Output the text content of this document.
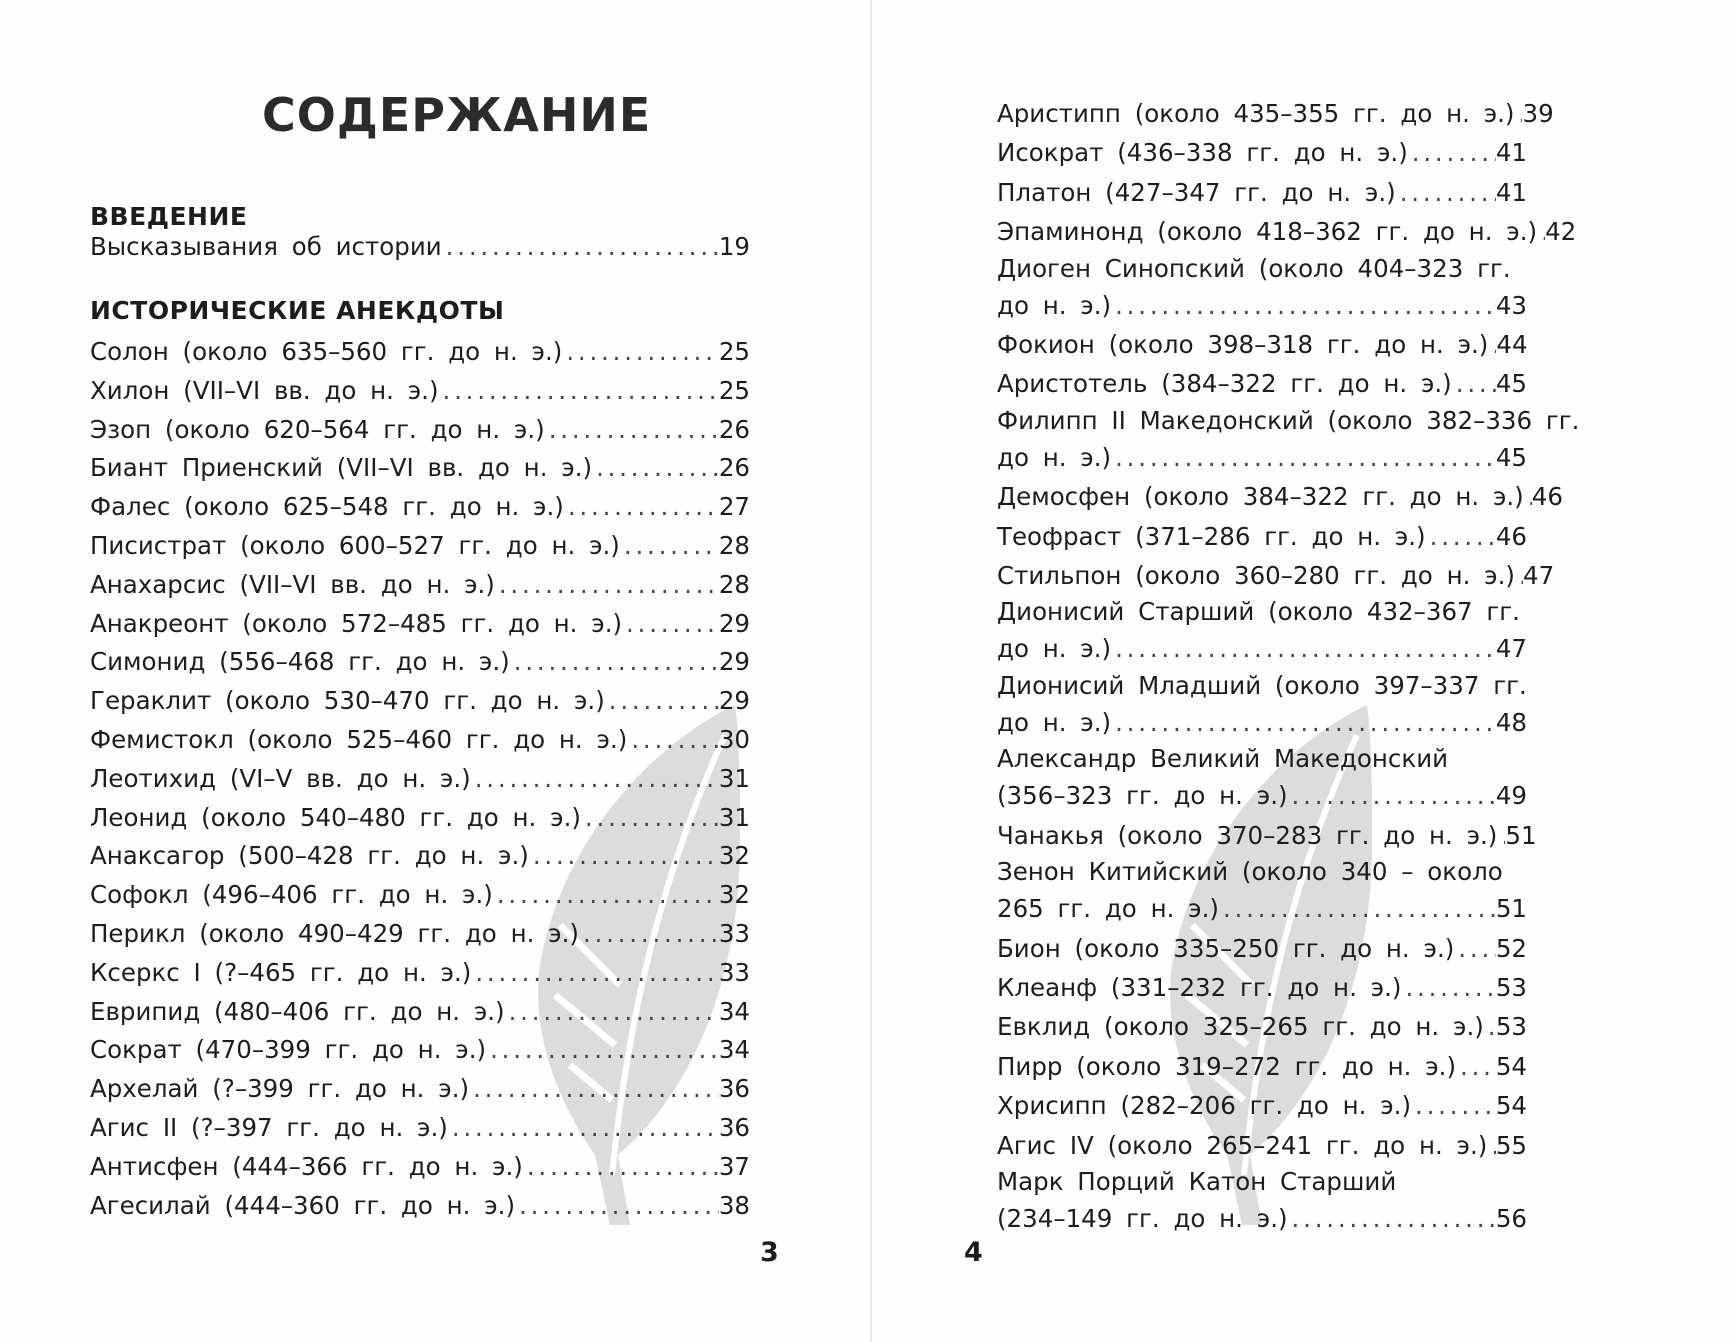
СОДЕРЖАНИЕ
ВВЕДЕНИЕ
Высказывания об истории . . .	19
ИСТОРИЧЕСКИЕ АНЕКДОТЫ
Солон (около 635–560 гг. до н. э.) . . .	25
Хилон (VII–VI вв. до н. э.) . . .	25
Эзоп (около 620–564 гг. до н. э.) . . .	26
Биант Приенский (VII–VI вв. до н. э.) . . .	26
Фалес (около 625–548 гг. до н. э.) . . .	27
Писистрат (около 600–527 гг. до н. э.) . . .	28
Анахарсис (VII–VI вв. до н. э.) . . .	28
Анакреонт (около 572–485 гг. до н. э.) . . .	29
Симонид (556–468 гг. до н. э.) . . .	29
Гераклит (около 530–470 гг. до н. э.) . . .	29
Фемистокл (около 525–460 гг. до н. э.) . . .	30
Леотихид (VI–V вв. до н. э.) . . .	31
Леонид (около 540–480 гг. до н. э.) . . .	31
Анаксагор (500–428 гг. до н. э.) . . .	32
Софокл (496–406 гг. до н. э.) . . .	32
Перикл (около 490–429 гг. до н. э.) . . .	33
Ксеркс I (?–465 гг. до н. э.) . . .	33
Еврипид (480–406 гг. до н. э.) . . .	34
Сократ (470–399 гг. до н. э.) . . .	34
Архелай (?–399 гг. до н. э.) . . .	36
Агис II (?–397 гг. до н. э.) . . .	36
Антисфен (444–366 гг. до н. э.) . . .	37
Агесилай (444–360 гг. до н. э.) . . .	38

3

Аристипп (около 435–355 гг. до н. э.) . . . 39
Исократ (436–338 гг. до н. э.) . . .	41
Платон (427–347 гг. до н. э.) . . .	41
Эпаминонд (около 418–362 гг. до н. э.) . . . 42
Диоген Синопский (около 404–323 гг.
до н. э.) . . .	43
Фокион (около 398–318 гг. до н. э.) . . . 44
Аристотель (384–322 гг. до н. э.) . . . 45
Филипп II Македонский (около 382–336 гг.
до н. э.) . . .	45
Демосфен (около 384–322 гг. до н. э.) . . . 46
Теофраст (371–286 гг. до н. э.) . . .	46
Стильпон (около 360–280 гг. до н. э.) . . . 47
Дионисий Старший (около 432–367 гг.
до н. э.) . . .	47
Дионисий Младший (около 397–337 гг.
до н. э.) . . .	48
Александр Великий Македонский
(356–323 гг. до н. э.) . . .	49
Чанакья (около 370–283 гг. до н. э.) . . . 51
Зенон Китийский (около 340 – около
265 гг. до н. э.) . . .	51
Бион (около 335–250 гг. до н. э.) . . . 52
Клеанф (331–232 гг. до н. э.) . . .	53
Евклид (около 325–265 гг. до н. э.) . . . 53
Пирр (около 319–272 гг. до н. э.) . . . 54
Хрисипп (282–206 гг. до н. э.) . . .	54
Агис IV (около 265–241 гг. до н. э.) . . . 55
Марк Порций Катон Старший
(234–149 гг. до н. э.) . . .	56

4
